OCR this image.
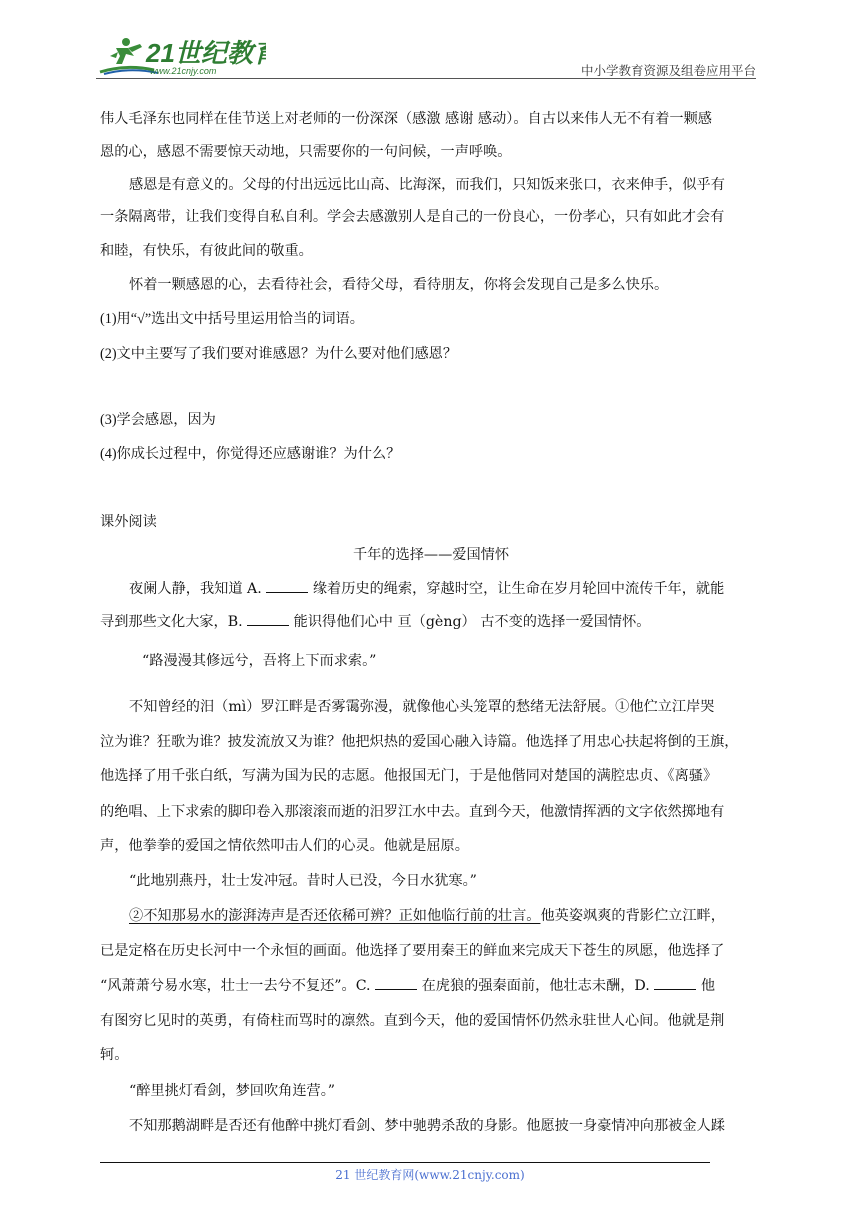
21世纪教育
www.21cnjy.com	中小学教育资源及组卷应用平台
伟人毛泽东也同样在佳节送上对老师的一份深深（感激 感谢 感动）。自古以来伟人无不有着一颗感
恩的心，感恩不需要惊天动地，只需要你的一句问候，一声呼唤。
感恩是有意义的。父母的付出远远比山高、比海深，而我们，只知饭来张口，衣来伸手，似乎有
一条隔离带，让我们变得自私自利。学会去感激别人是自己的一份良心，一份孝心，只有如此才会有
和睦，有快乐，有彼此间的敬重。
怀着一颗感恩的心，去看待社会，看待父母，看待朋友，你将会发现自己是多么快乐。
(1)用“√”选出文中括号里运用恰当的词语。
(2)文中主要写了我们要对谁感恩？为什么要对他们感恩？
(3)学会感恩，因为
(4)你成长过程中，你觉得还应感谢谁？为什么？
课外阅读
千年的选择——爱国情怀
夜阑人静，我知道 A.	缘着历史的绳索，穿越时空，让生命在岁月轮回中流传千年，就能
寻到那些文化大家，B.	能识得他们心中 亘（gèng） 古不变的选择一爱国情怀。
“路漫漫其修远兮，吾将上下而求索。”
不知曾经的汨（mì）罗江畔是否雾霭弥漫，就像他心头笼罩的愁绪无法舒展。①他伫立江岸哭
泣为谁？狂歌为谁？披发流放又为谁？他把炽热的爱国心融入诗篇。他选择了用忠心扶起将倒的王旗，
他选择了用千张白纸，写满为国为民的志愿。他报国无门，于是他偕同对楚国的满腔忠贞、《离骚》
的绝唱、上下求索的脚印卷入那滚滚而逝的汨罗江水中去。直到今天，他激情挥洒的文字依然掷地有
声，他拳拳的爱国之情依然叩击人们的心灵。他就是屈原。
“此地别燕丹，壮士发冲冠。昔时人已没，今日水犹寒。”
②不知那易水的澎湃涛声是否还依稀可辨？正如他临行前的壮言。他英姿飒爽的背影伫立江畔，
已是定格在历史长河中一个永恒的画面。他选择了要用秦王的鲜血来完成天下苍生的夙愿，他选择了
“风萧萧兮易水寒，壮士一去兮不复还”。C.	在虎狼的强秦面前，他壮志未酬，D.	他
有图穷匕见时的英勇，有倚柱而骂时的凛然。直到今天，他的爱国情怀仍然永驻世人心间。他就是荆
轲。
“醉里挑灯看剑，梦回吹角连营。”
不知那鹅湖畔是否还有他醉中挑灯看剑、梦中驰骋杀敌的身影。他愿披一身豪情冲向那被金人蹂
21 世纪教育网(www.21cnjy.com)
